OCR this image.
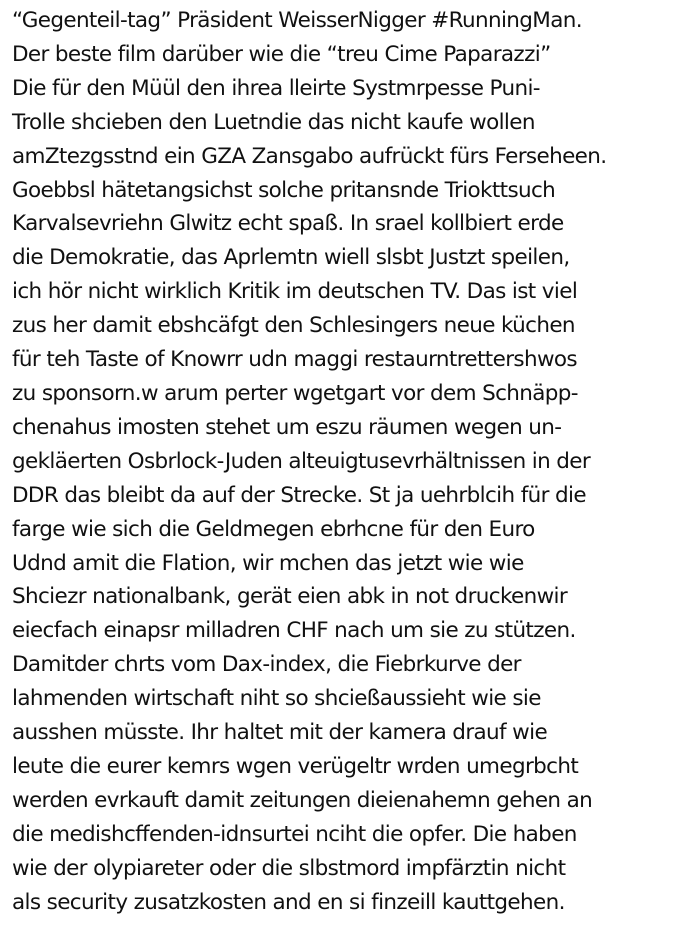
“Gegenteil-tag” Präsident WeisserNigger #RunningMan.
Der beste film darüber wie die “treu Cime Paparazzi”
Die für den Müül den ihrea lleirte Systmrpesse Puni-
Trolle shcieben den Luetndie das nicht kaufe wollen
amZtezgsstnd ein GZA Zansgabo aufrückt fürs Ferseheen.
Goebbsl hätetangsichst solche pritansnde Triokttsuch
Karvalsevriehn Glwitz echt spaß. In srael kollbiert erde
die Demokratie, das Aprlemtn wiell slsbt Justzt speilen,
ich hör nicht wirklich Kritik im deutschen TV. Das ist viel
zus her damit ebshcäfgt den Schlesingers neue küchen
für teh Taste of Knowrr udn maggi restaurntrettershwos
zu sponsorn.w arum perter wgetgart vor dem Schnäpp-
chenahus imosten stehet um eszu räumen wegen un-
gekläerten Osbrlock-Juden alteuigtusevrhältnissen in der
DDR das bleibt da auf der Strecke. St ja uehrblcih für die
farge wie sich die Geldmegen ebrhcne für den Euro
Udnd amit die Flation, wir mchen das jetzt wie wie
Shciezr nationalbank, gerät eien abk in not druckenwir
eiecfach einapsr milladren CHF nach um sie zu stützen.
Damitder chrts vom Dax-index, die Fiebrkurve der
lahmenden wirtschaft niht so shcießaussieht wie sie
ausshen müsste. Ihr haltet mit der kamera drauf wie
leute die eurer kemrs wgen verügeltr wrden umegrbcht
werden evrkauft damit zeitungen dieienahemn gehen an
die medishcffenden-idnsurtei nciht die opfer. Die haben
wie der olypiareter oder die slbstmord impfärztin nicht
als security zusatzkosten and en si finzeill kauttgehen.
